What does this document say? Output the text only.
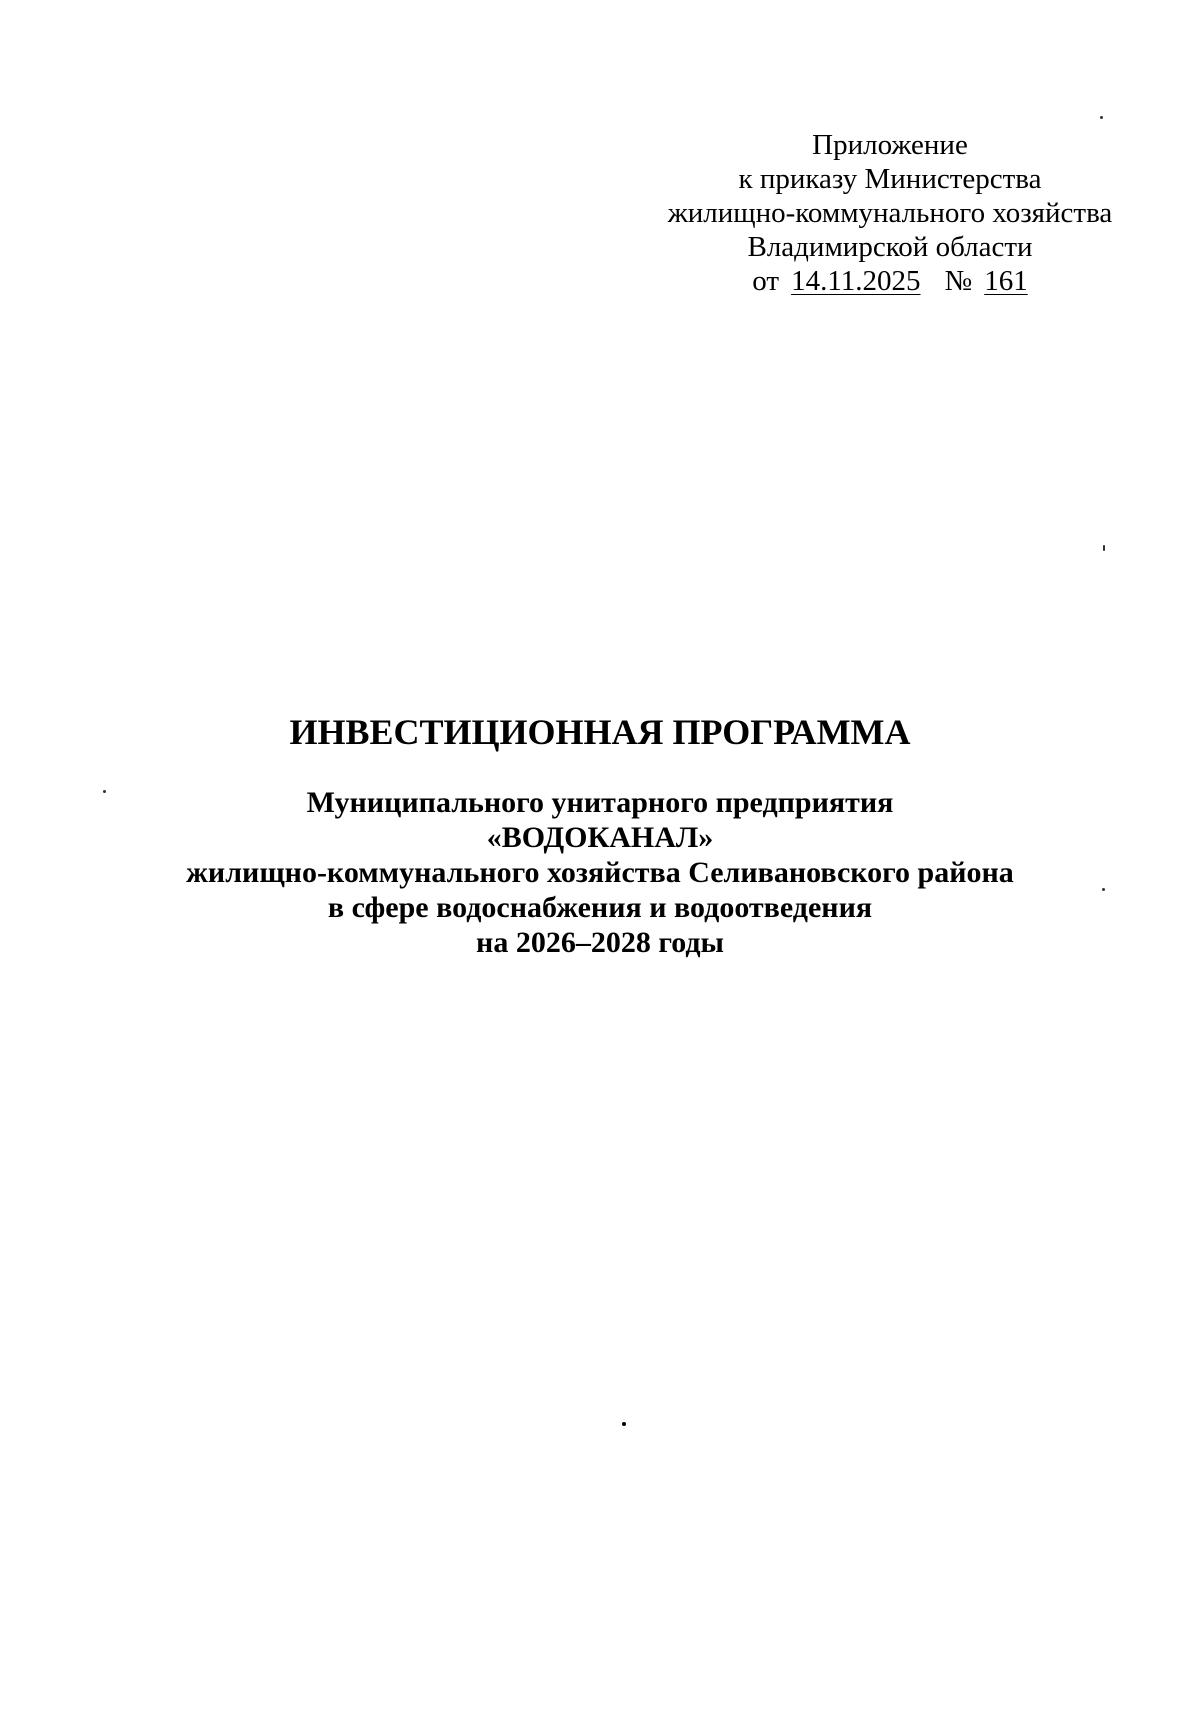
Приложение
к приказу Министерства
жилищно-коммунального хозяйства
Владимирской области
от 14.11.2025 № 161
ИНВЕСТИЦИОННАЯ ПРОГРАММА
Муниципального унитарного предприятия
«ВОДОКАНАЛ»
жилищно-коммунального хозяйства Селивановского района
в сфере водоснабжения и водоотведения
на 2026–2028 годы
